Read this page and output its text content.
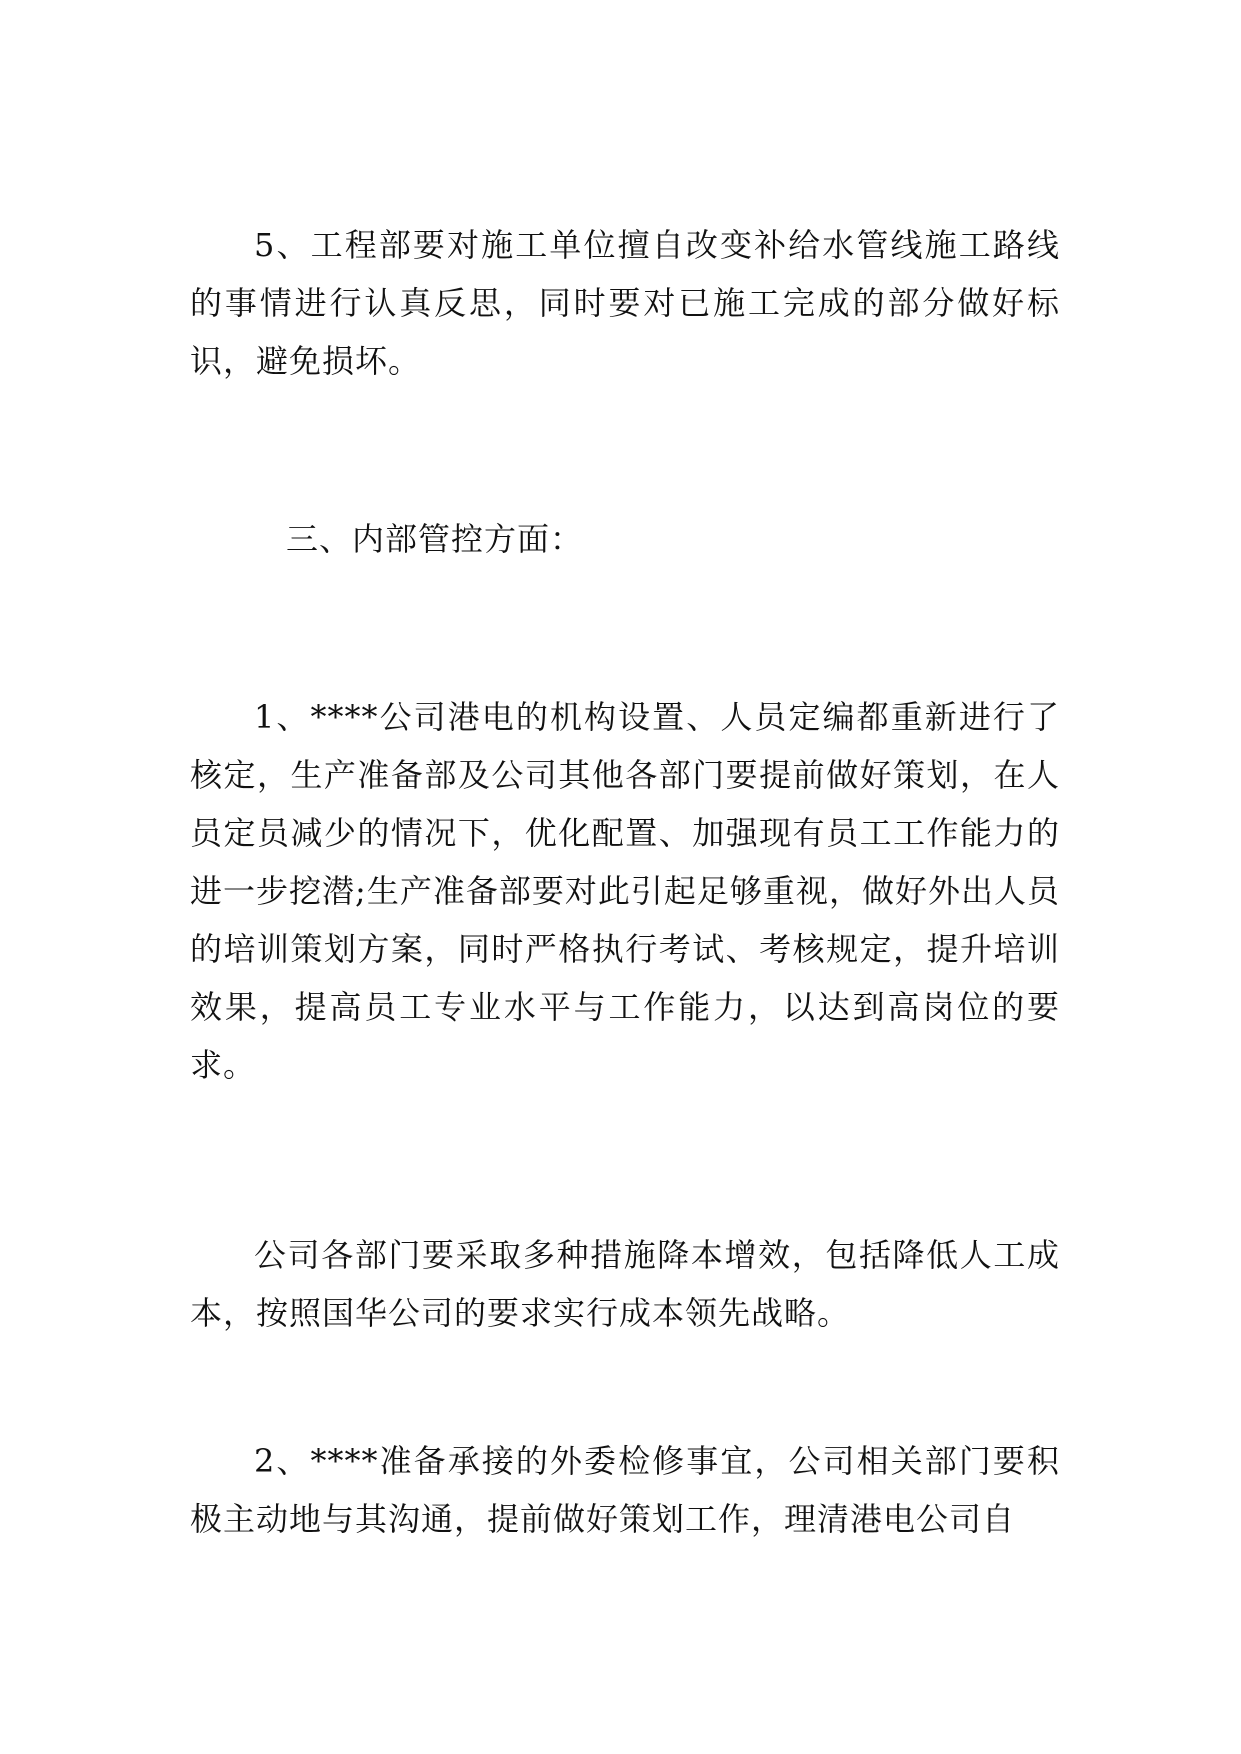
5、工程部要对施工单位擅自改变补给水管线施工路线的事情进行认真反思，同时要对已施工完成的部分做好标识，避免损坏。

三、内部管控方面：

1、****公司港电的机构设置、人员定编都重新进行了核定，生产准备部及公司其他各部门要提前做好策划，在人员定员减少的情况下，优化配置、加强现有员工工作能力的进一步挖潜;生产准备部要对此引起足够重视，做好外出人员的培训策划方案，同时严格执行考试、考核规定，提升培训效果，提高员工专业水平与工作能力，以达到高岗位的要求。

公司各部门要采取多种措施降本增效，包括降低人工成本，按照国华公司的要求实行成本领先战略。

2、****准备承接的外委检修事宜，公司相关部门要积极主动地与其沟通，提前做好策划工作，理清港电公司自
